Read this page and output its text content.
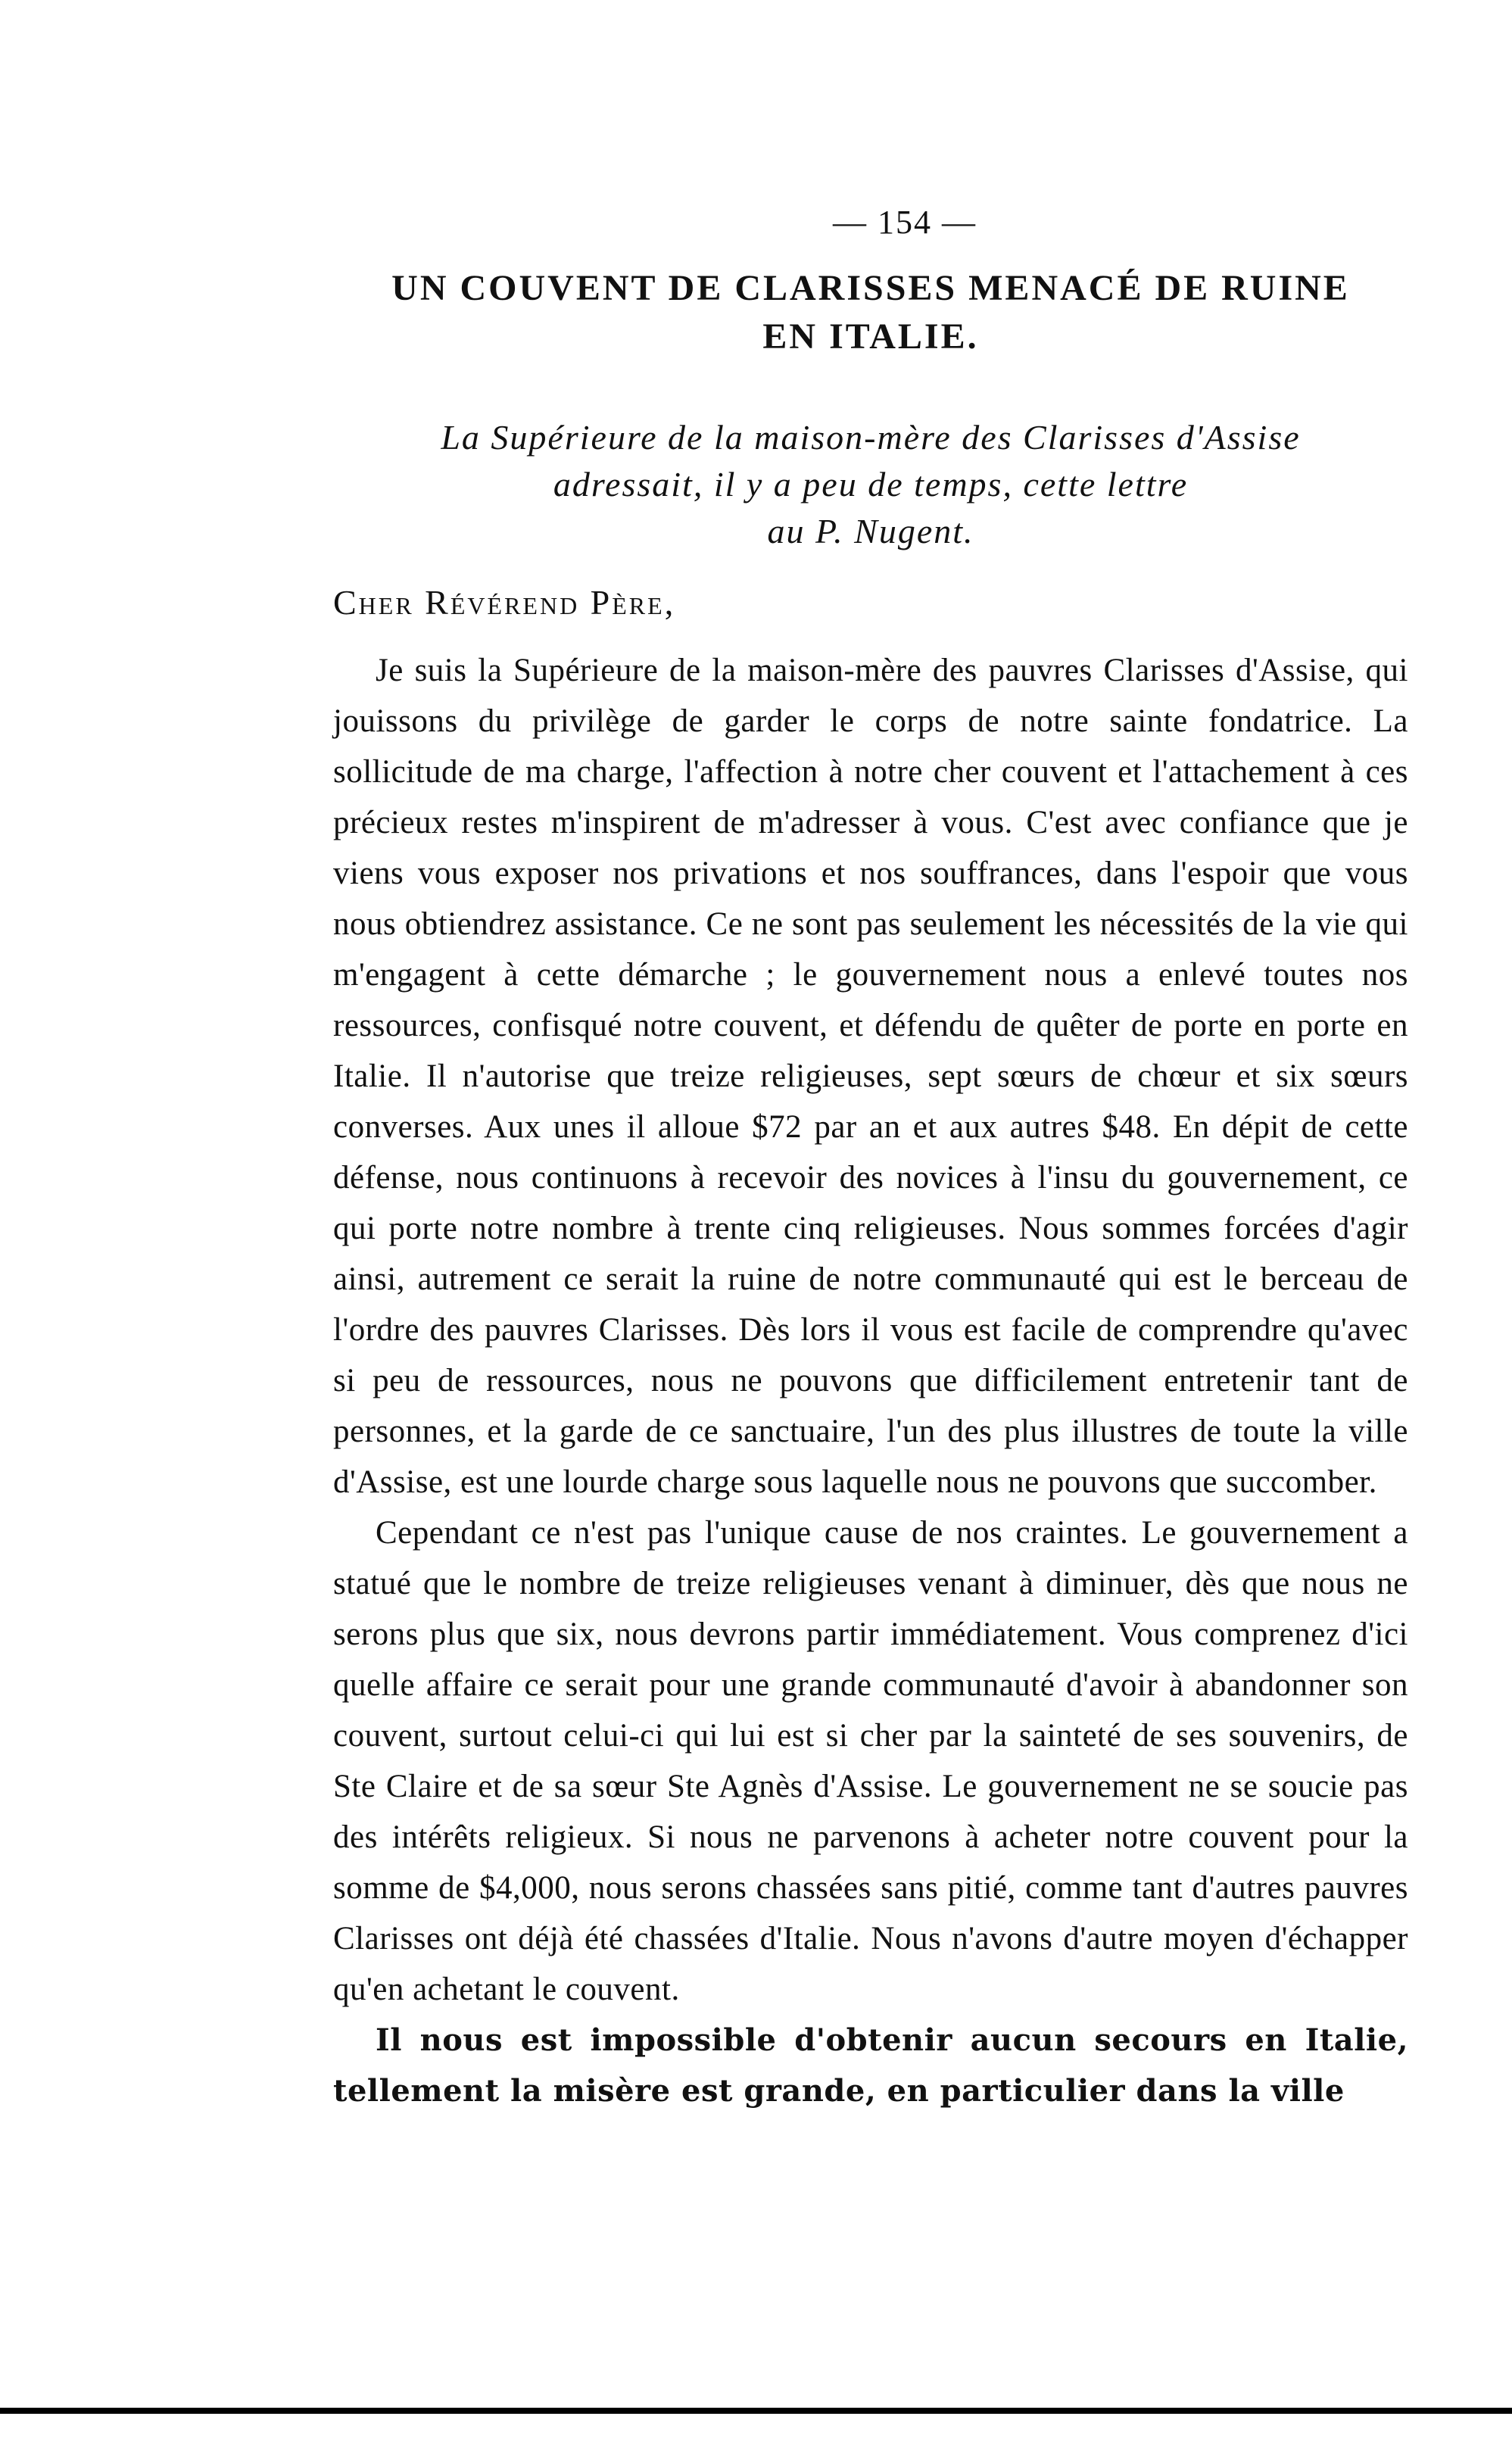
— 154 —
UN COUVENT DE CLARISSES MENACÉ DE RUINE
EN ITALIE.
La Supérieure de la maison-mère des Clarisses d'Assise
adressait, il y a peu de temps, cette lettre
au P. Nugent.
Cher Révérend Père,

Je suis la Supérieure de la maison-mère des pauvres Clarisses d'Assise, qui jouissons du privilège de garder le corps de notre sainte fondatrice. La sollicitude de ma charge, l'affection à notre cher couvent et l'attachement à ces précieux restes m'inspirent de m'adresser à vous. C'est avec confiance que je viens vous exposer nos privations et nos souffrances, dans l'espoir que vous nous obtiendrez assistance. Ce ne sont pas seulement les nécessités de la vie qui m'engagent à cette démarche ; le gouvernement nous a enlevé toutes nos ressources, confisqué notre couvent, et défendu de quêter de porte en porte en Italie. Il n'autorise que treize religieuses, sept sœurs de chœur et six sœurs converses. Aux unes il alloue $72 par an et aux autres $48. En dépit de cette défense, nous continuons à recevoir des novices à l'insu du gouvernement, ce qui porte notre nombre à trente cinq religieuses. Nous sommes forcées d'agir ainsi, autrement ce serait la ruine de notre communauté qui est le berceau de l'ordre des pauvres Clarisses. Dès lors il vous est facile de comprendre qu'avec si peu de ressources, nous ne pouvons que difficilement entretenir tant de personnes, et la garde de ce sanctuaire, l'un des plus illustres de toute la ville d'Assise, est une lourde charge sous laquelle nous ne pouvons que succomber.

Cependant ce n'est pas l'unique cause de nos craintes. Le gouvernement a statué que le nombre de treize religieuses venant à diminuer, dès que nous ne serons plus que six, nous devrons partir immédiatement. Vous comprenez d'ici quelle affaire ce serait pour une grande communauté d'avoir à abandonner son couvent, surtout celui-ci qui lui est si cher par la sainteté de ses souvenirs, de Ste Claire et de sa sœur Ste Agnès d'Assise. Le gouvernement ne se soucie pas des intérêts religieux. Si nous ne parvenons à acheter notre couvent pour la somme de $4,000, nous serons chassées sans pitié, comme tant d'autres pauvres Clarisses ont déjà été chassées d'Italie. Nous n'avons d'autre moyen d'échapper qu'en achetant le couvent.

Il nous est impossible d'obtenir aucun secours en Italie, tellement la misère est grande, en particulier dans la ville
